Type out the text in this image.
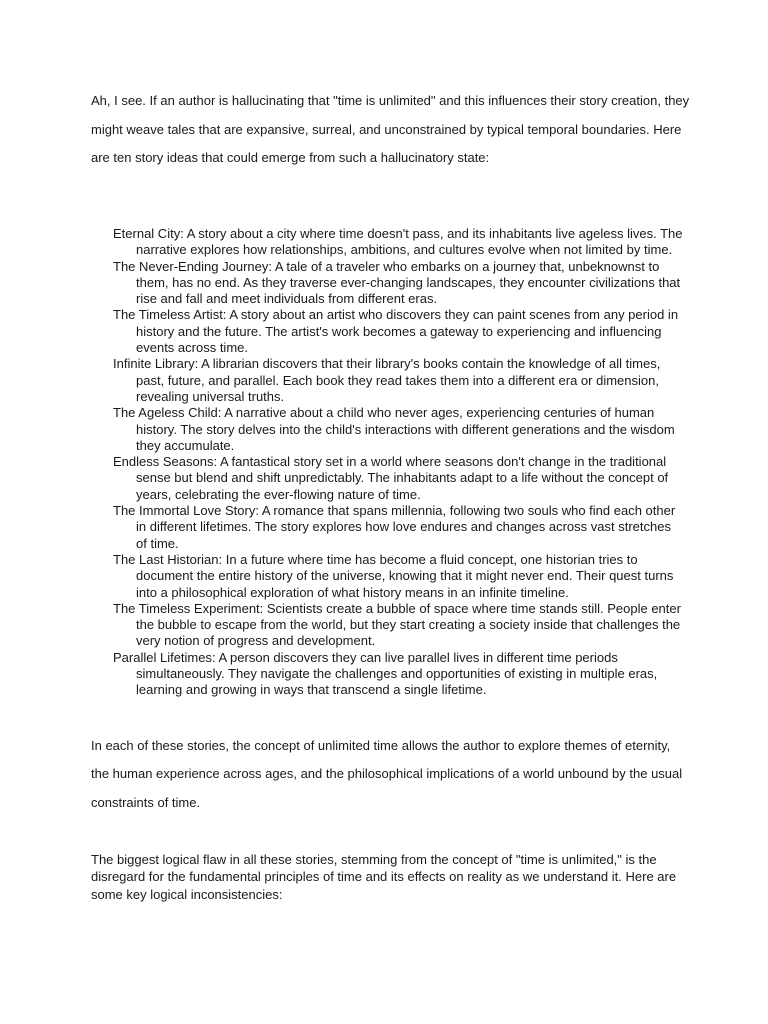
Ah, I see. If an author is hallucinating that "time is unlimited" and this influences their story creation, they might weave tales that are expansive, surreal, and unconstrained by typical temporal boundaries. Here are ten story ideas that could emerge from such a hallucinatory state:

Eternal City: A story about a city where time doesn't pass, and its inhabitants live ageless lives. The narrative explores how relationships, ambitions, and cultures evolve when not limited by time.
The Never-Ending Journey: A tale of a traveler who embarks on a journey that, unbeknownst to them, has no end. As they traverse ever-changing landscapes, they encounter civilizations that rise and fall and meet individuals from different eras.
The Timeless Artist: A story about an artist who discovers they can paint scenes from any period in history and the future. The artist's work becomes a gateway to experiencing and influencing events across time.
Infinite Library: A librarian discovers that their library's books contain the knowledge of all times, past, future, and parallel. Each book they read takes them into a different era or dimension, revealing universal truths.
The Ageless Child: A narrative about a child who never ages, experiencing centuries of human history. The story delves into the child's interactions with different generations and the wisdom they accumulate.
Endless Seasons: A fantastical story set in a world where seasons don't change in the traditional sense but blend and shift unpredictably. The inhabitants adapt to a life without the concept of years, celebrating the ever-flowing nature of time.
The Immortal Love Story: A romance that spans millennia, following two souls who find each other in different lifetimes. The story explores how love endures and changes across vast stretches of time.
The Last Historian: In a future where time has become a fluid concept, one historian tries to document the entire history of the universe, knowing that it might never end. Their quest turns into a philosophical exploration of what history means in an infinite timeline.
The Timeless Experiment: Scientists create a bubble of space where time stands still. People enter the bubble to escape from the world, but they start creating a society inside that challenges the very notion of progress and development.
Parallel Lifetimes: A person discovers they can live parallel lives in different time periods simultaneously. They navigate the challenges and opportunities of existing in multiple eras, learning and growing in ways that transcend a single lifetime.

In each of these stories, the concept of unlimited time allows the author to explore themes of eternity, the human experience across ages, and the philosophical implications of a world unbound by the usual constraints of time.

The biggest logical flaw in all these stories, stemming from the concept of "time is unlimited," is the disregard for the fundamental principles of time and its effects on reality as we understand it. Here are some key logical inconsistencies:
